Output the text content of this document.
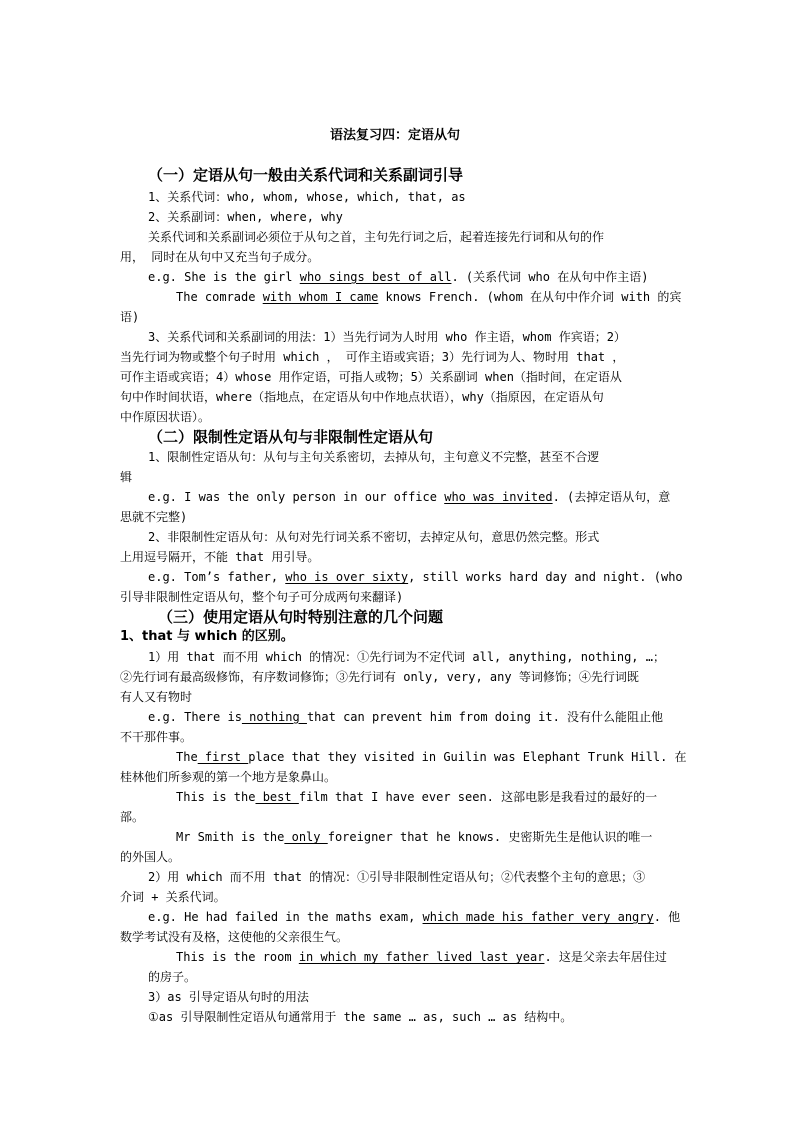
语法复习四：定语从句
（一）定语从句一般由关系代词和关系副词引导
1、关系代词：who, whom, whose, which, that, as
2、关系副词：when, where, why
关系代词和关系副词必须位于从句之首，主句先行词之后，起着连接先行词和从句的作
用， 同时在从句中又充当句子成分。
e.g. She is the girl who sings best of all. (关系代词 who 在从句中作主语)
The comrade with whom I came knows French. (whom 在从句中作介词 with 的宾
语)
3、关系代词和关系副词的用法：1）当先行词为人时用 who 作主语，whom 作宾语；2）
当先行词为物或整个句子时用 which ， 可作主语或宾语；3）先行词为人、物时用 that ，
可作主语或宾语；4）whose 用作定语，可指人或物；5）关系副词 when（指时间，在定语从
句中作时间状语，where（指地点，在定语从句中作地点状语），why（指原因，在定语从句
中作原因状语）。
（二）限制性定语从句与非限制性定语从句
1、限制性定语从句：从句与主句关系密切，去掉从句，主句意义不完整，甚至不合逻
辑
e.g. I was the only person in our office who was invited. (去掉定语从句，意
思就不完整)
2、非限制性定语从句：从句对先行词关系不密切，去掉定从句，意思仍然完整。形式
上用逗号隔开，不能 that 用引导。
e.g. Tom’s father, who is over sixty, still works hard day and night. (who
引导非限制性定语从句，整个句子可分成两句来翻译)
（三）使用定语从句时特别注意的几个问题
1、that 与 which 的区别。
1）用 that 而不用 which 的情况：①先行词为不定代词 all, anything, nothing, …；
②先行词有最高级修饰，有序数词修饰；③先行词有 only, very, any 等词修饰；④先行词既
有人又有物时
e.g. There is nothing that can prevent him from doing it. 没有什么能阻止他
不干那件事。
The first place that they visited in Guilin was Elephant Trunk Hill. 在
桂林他们所参观的第一个地方是象鼻山。
This is the best film that I have ever seen. 这部电影是我看过的最好的一
部。
Mr Smith is the only foreigner that he knows. 史密斯先生是他认识的唯一
的外国人。
2）用 which 而不用 that 的情况：①引导非限制性定语从句；②代表整个主句的意思；③
介词 + 关系代词。
e.g. He had failed in the maths exam, which made his father very angry. 他
数学考试没有及格，这使他的父亲很生气。
This is the room in which my father lived last year. 这是父亲去年居住过
的房子。
3）as 引导定语从句时的用法
①as 引导限制性定语从句通常用于 the same … as, such … as 结构中。
